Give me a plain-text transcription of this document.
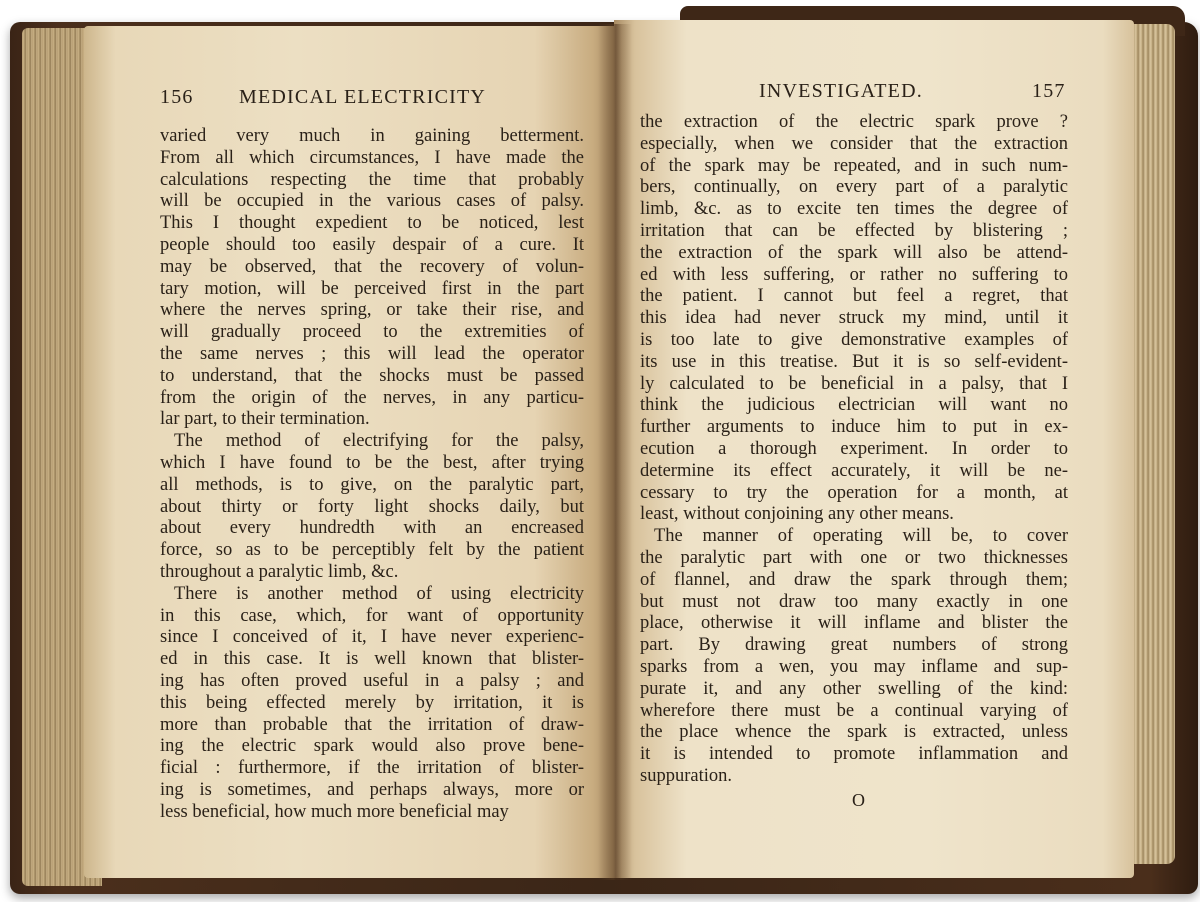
156 MEDICAL ELECTRICITY
varied very much in gaining betterment.
From all which circumstances, I have made the
calculations respecting the time that probably
will be occupied in the various cases of palsy.
This I thought expedient to be noticed, lest
people should too easily despair of a cure. It
may be observed, that the recovery of volun-
tary motion, will be perceived first in the part
where the nerves spring, or take their rise, and
will gradually proceed to the extremities of
the same nerves ; this will lead the operator
to understand, that the shocks must be passed
from the origin of the nerves, in any particu-
lar part, to their termination.
The method of electrifying for the palsy,
which I have found to be the best, after trying
all methods, is to give, on the paralytic part,
about thirty or forty light shocks daily, but
about every hundredth with an encreased
force, so as to be perceptibly felt by the patient
throughout a paralytic limb, &c.
There is another method of using electricity
in this case, which, for want of opportunity
since I conceived of it, I have never experienc-
ed in this case. It is well known that blister-
ing has often proved useful in a palsy ; and
this being effected merely by irritation, it is
more than probable that the irritation of draw-
ing the electric spark would also prove bene-
ficial : furthermore, if the irritation of blister-
ing is sometimes, and perhaps always, more or
less beneficial, how much more beneficial may
INVESTIGATED.	157
the extraction of the electric spark prove ?
especially, when we consider that the extraction
of the spark may be repeated, and in such num-
bers, continually, on every part of a paralytic
limb, &c. as to excite ten times the degree of
irritation that can be effected by blistering ;
the extraction of the spark will also be attend-
ed with less suffering, or rather no suffering to
the patient. I cannot but feel a regret, that
this idea had never struck my mind, until it
is too late to give demonstrative examples of
its use in this treatise. But it is so self-evident-
ly calculated to be beneficial in a palsy, that I
think the judicious electrician will want no
further arguments to induce him to put in ex-
ecution a thorough experiment. In order to
determine its effect accurately, it will be ne-
cessary to try the operation for a month, at
least, without conjoining any other means.
The manner of operating will be, to cover
the paralytic part with one or two thicknesses
of flannel, and draw the spark through them;
but must not draw too many exactly in one
place, otherwise it will inflame and blister the
part. By drawing great numbers of strong
sparks from a wen, you may inflame and sup-
purate it, and any other swelling of the kind:
wherefore there must be a continual varying of
the place whence the spark is extracted, unless
it is intended to promote inflammation and
suppuration.
O
